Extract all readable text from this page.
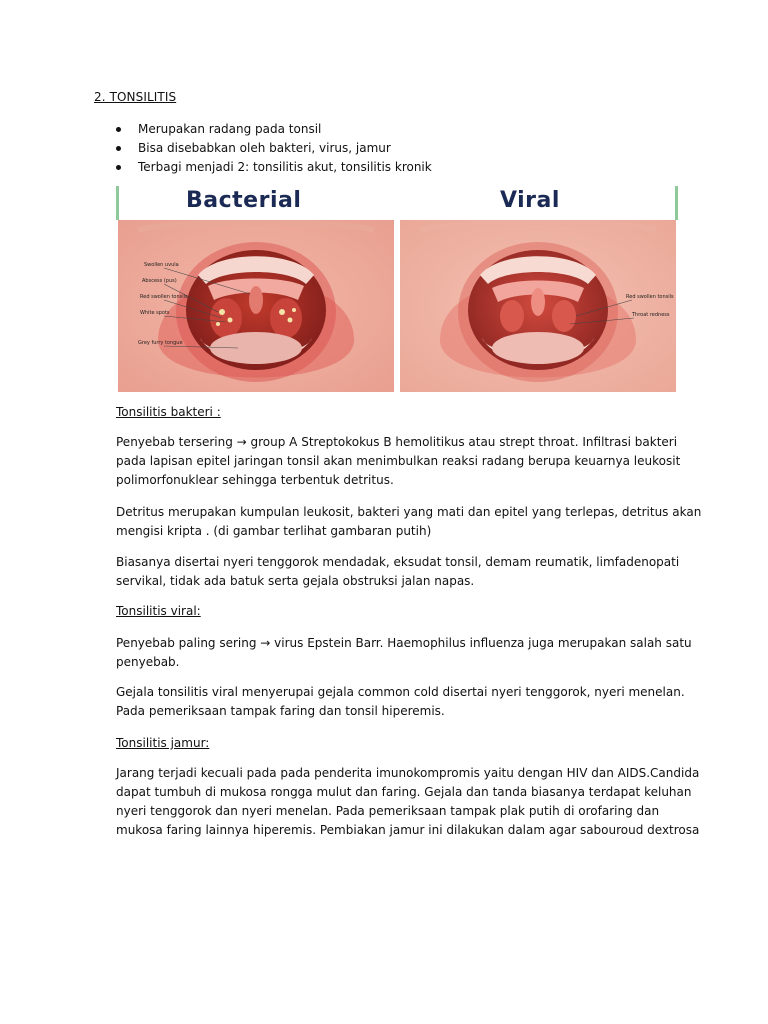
2. TONSILITIS
Merupakan radang pada tonsil
Bisa disebabkan oleh bakteri, virus, jamur
Terbagi menjadi 2: tonsilitis akut, tonsilitis kronik
Bacterial	Viral
Swollen uvula
Abscess (pus)
Red swollen tonsils
White spots
Grey furry tongue
Red swollen tonsils
Throat redness
Tonsilitis bakteri :

Penyebab tersering → group A Streptokokus B hemolitikus atau strept throat. Infiltrasi bakteri
pada lapisan epitel jaringan tonsil akan menimbulkan reaksi radang berupa keuarnya leukosit
polimorfonuklear sehingga terbentuk detritus.

Detritus merupakan kumpulan leukosit, bakteri yang mati dan epitel yang terlepas, detritus akan
mengisi kripta . (di gambar terlihat gambaran putih)

Biasanya disertai nyeri tenggorok mendadak, eksudat tonsil, demam reumatik, limfadenopati
servikal, tidak ada batuk serta gejala obstruksi jalan napas.

Tonsilitis viral:

Penyebab paling sering → virus Epstein Barr. Haemophilus influenza juga merupakan salah satu
penyebab.

Gejala tonsilitis viral menyerupai gejala common cold disertai nyeri tenggorok, nyeri menelan.
Pada pemeriksaan tampak faring dan tonsil hiperemis.

Tonsilitis jamur:

Jarang terjadi kecuali pada pada penderita imunokompromis yaitu dengan HIV dan AIDS.Candida
dapat tumbuh di mukosa rongga mulut dan faring. Gejala dan tanda biasanya terdapat keluhan
nyeri tenggorok dan nyeri menelan. Pada pemeriksaan tampak plak putih di orofaring dan
mukosa faring lainnya hiperemis. Pembiakan jamur ini dilakukan dalam agar sabouroud dextrosa
